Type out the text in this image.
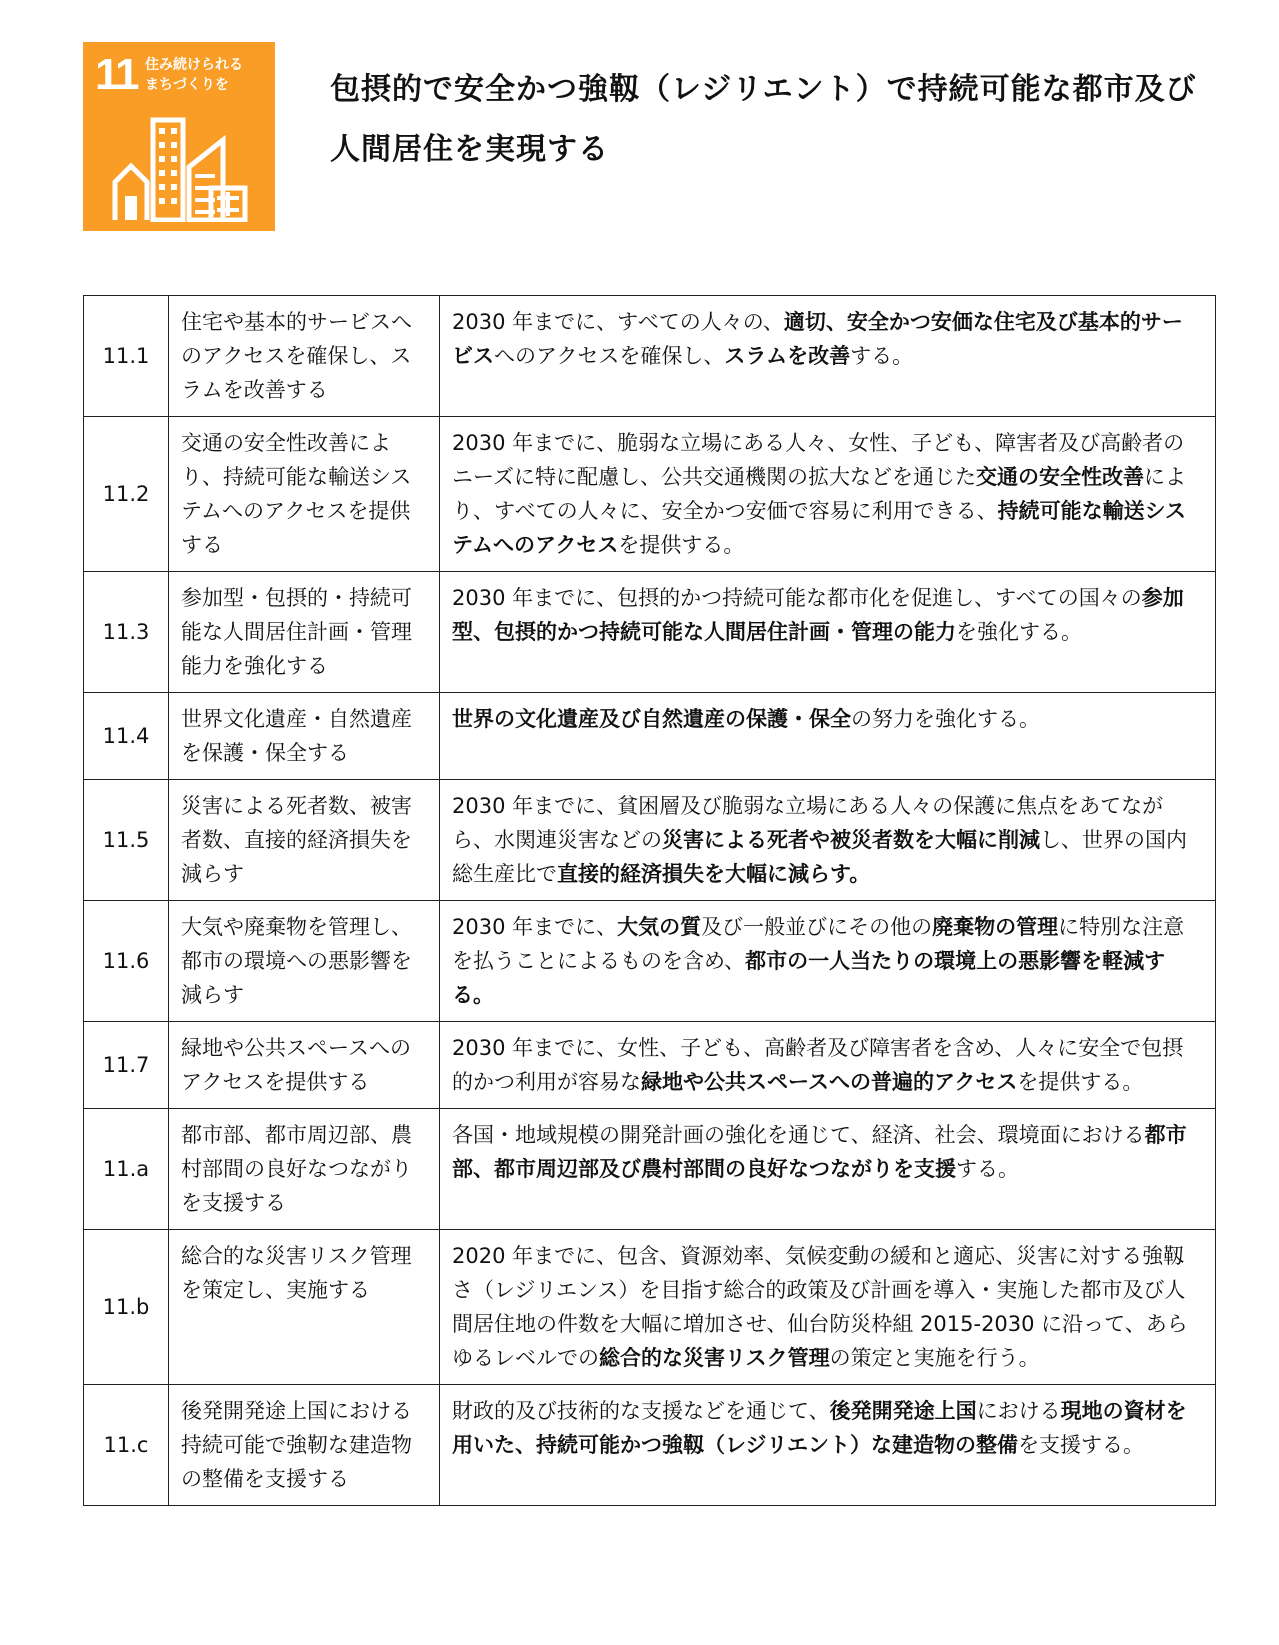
11 住み続けられる
まちづくりを	包摂的で安全かつ強靱（レジリエント）で持続可能な都市及び人間居住を実現する
11.1	住宅や基本的サービスへのアクセスを確保し、スラムを改善する	2030 年までに、すべての人々の、適切、安全かつ安価な住宅及び基本的サービスへのアクセスを確保し、スラムを改善する。
11.2	交通の安全性改善により、持続可能な輸送システムへのアクセスを提供する	2030 年までに、脆弱な立場にある人々、女性、子ども、障害者及び高齢者のニーズに特に配慮し、公共交通機関の拡大などを通じた交通の安全性改善により、すべての人々に、安全かつ安価で容易に利用できる、持続可能な輸送システムへのアクセスを提供する。
11.3	参加型・包摂的・持続可能な人間居住計画・管理能力を強化する	2030 年までに、包摂的かつ持続可能な都市化を促進し、すべての国々の参加型、包摂的かつ持続可能な人間居住計画・管理の能力を強化する。
11.4	世界文化遺産・自然遺産を保護・保全する	世界の文化遺産及び自然遺産の保護・保全の努力を強化する。
11.5	災害による死者数、被害者数、直接的経済損失を減らす	2030 年までに、貧困層及び脆弱な立場にある人々の保護に焦点をあてながら、水関連災害などの災害による死者や被災者数を大幅に削減し、世界の国内総生産比で直接的経済損失を大幅に減らす。
11.6	大気や廃棄物を管理し、都市の環境への悪影響を減らす	2030 年までに、大気の質及び一般並びにその他の廃棄物の管理に特別な注意を払うことによるものを含め、都市の一人当たりの環境上の悪影響を軽減する。
11.7	緑地や公共スペースへのアクセスを提供する	2030 年までに、女性、子ども、高齢者及び障害者を含め、人々に安全で包摂的かつ利用が容易な緑地や公共スペースへの普遍的アクセスを提供する。
11.a	都市部、都市周辺部、農村部間の良好なつながりを支援する	各国・地域規模の開発計画の強化を通じて、経済、社会、環境面における都市部、都市周辺部及び農村部間の良好なつながりを支援する。
11.b	総合的な災害リスク管理を策定し、実施する	2020 年までに、包含、資源効率、気候変動の緩和と適応、災害に対する強靱さ（レジリエンス）を目指す総合的政策及び計画を導入・実施した都市及び人間居住地の件数を大幅に増加させ、仙台防災枠組 2015-2030 に沿って、あらゆるレベルでの総合的な災害リスク管理の策定と実施を行う。
11.c	後発開発途上国における持続可能で強靭な建造物の整備を支援する	財政的及び技術的な支援などを通じて、後発開発途上国における現地の資材を用いた、持続可能かつ強靱（レジリエント）な建造物の整備を支援する。
